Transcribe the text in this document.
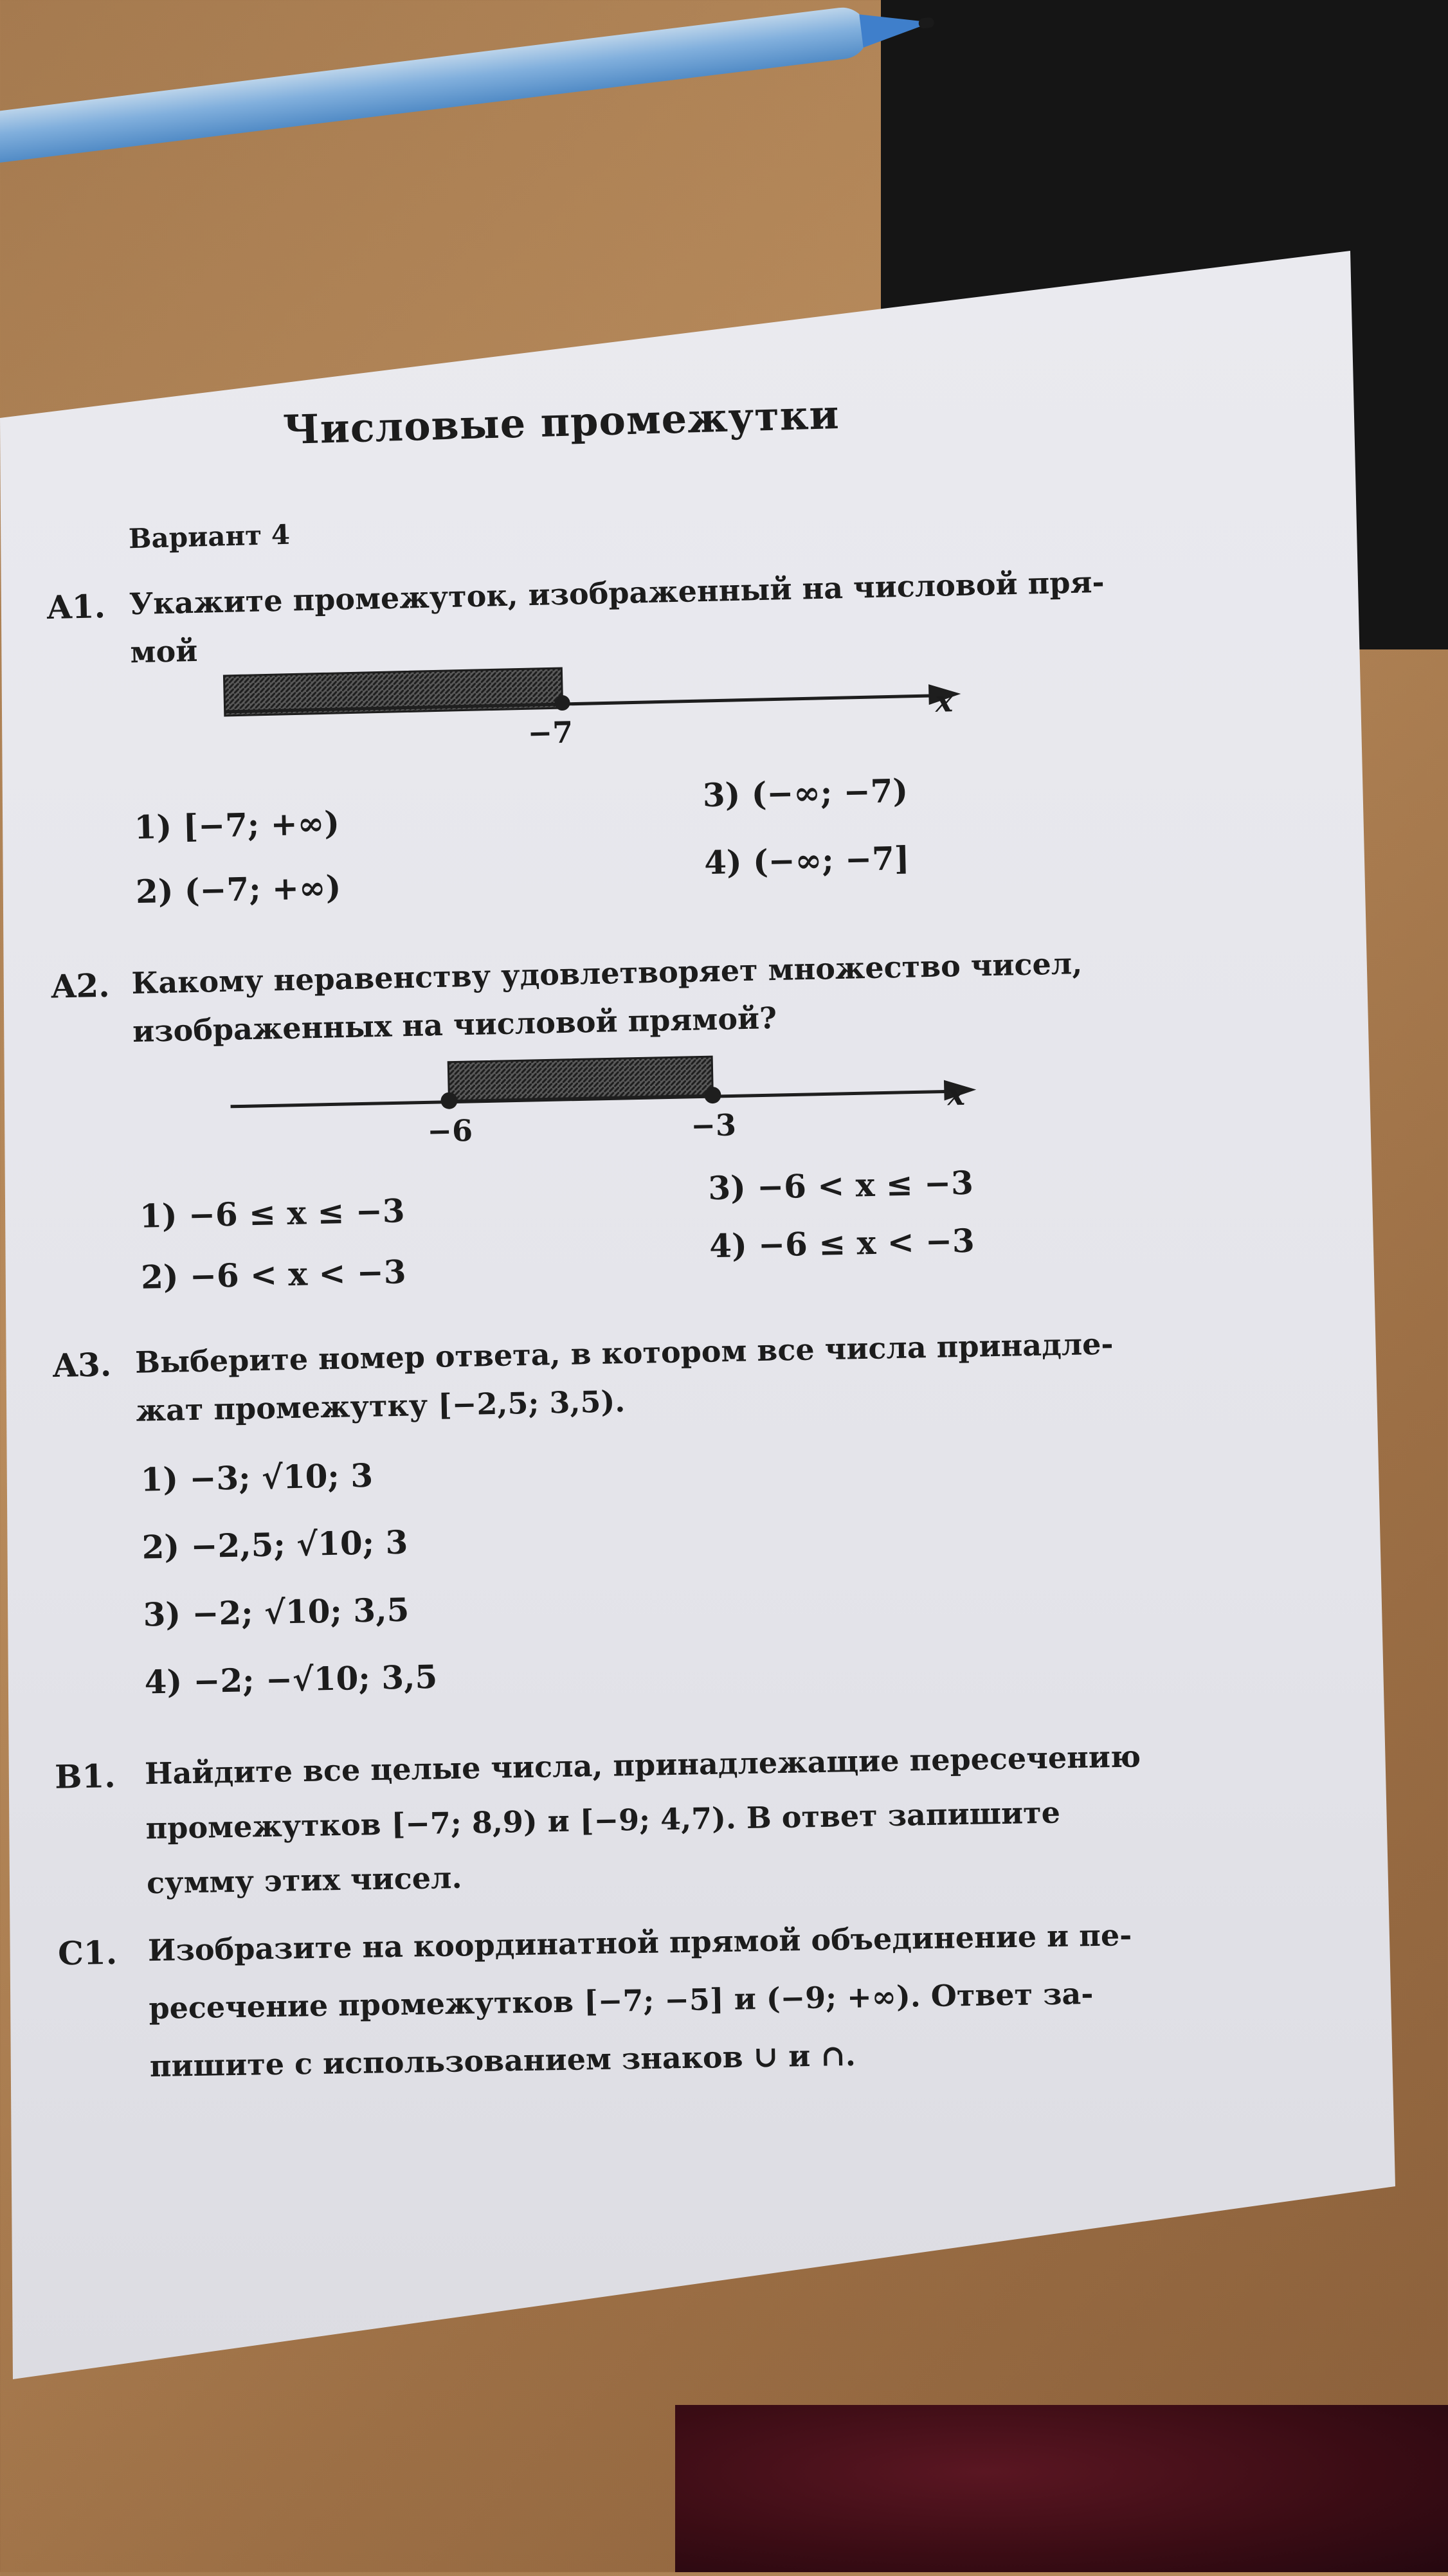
Числовые промежутки
Вариант 4
A1. Укажите промежуток, изображенный на числовой пря-
мой
−7
x
1) [−7; +∞)
2) (−7; +∞)
3) (−∞; −7)
4) (−∞; −7]
A2. Какому неравенству удовлетворяет множество чисел,
изображенных на числовой прямой?
−6	−3
x
1) −6 ≤ x ≤ −3
2) −6 < x < −3
3) −6 < x ≤ −3
4) −6 ≤ x < −3
A3. Выберите номер ответа, в котором все числа принадле-
жат промежутку [−2,5; 3,5).
1) −3; √10; 3
2) −2,5; √10; 3
3) −2; √10; 3,5
4) −2; −√10; 3,5
B1. Найдите все целые числа, принадлежащие пересечению
промежутков [−7; 8,9) и [−9; 4,7). В ответ запишите
сумму этих чисел.
C1. Изобразите на координатной прямой объединение и пе-
ресечение промежутков [−7; −5] и (−9; +∞). Ответ за-
пишите с использованием знаков ∪ и ∩.
